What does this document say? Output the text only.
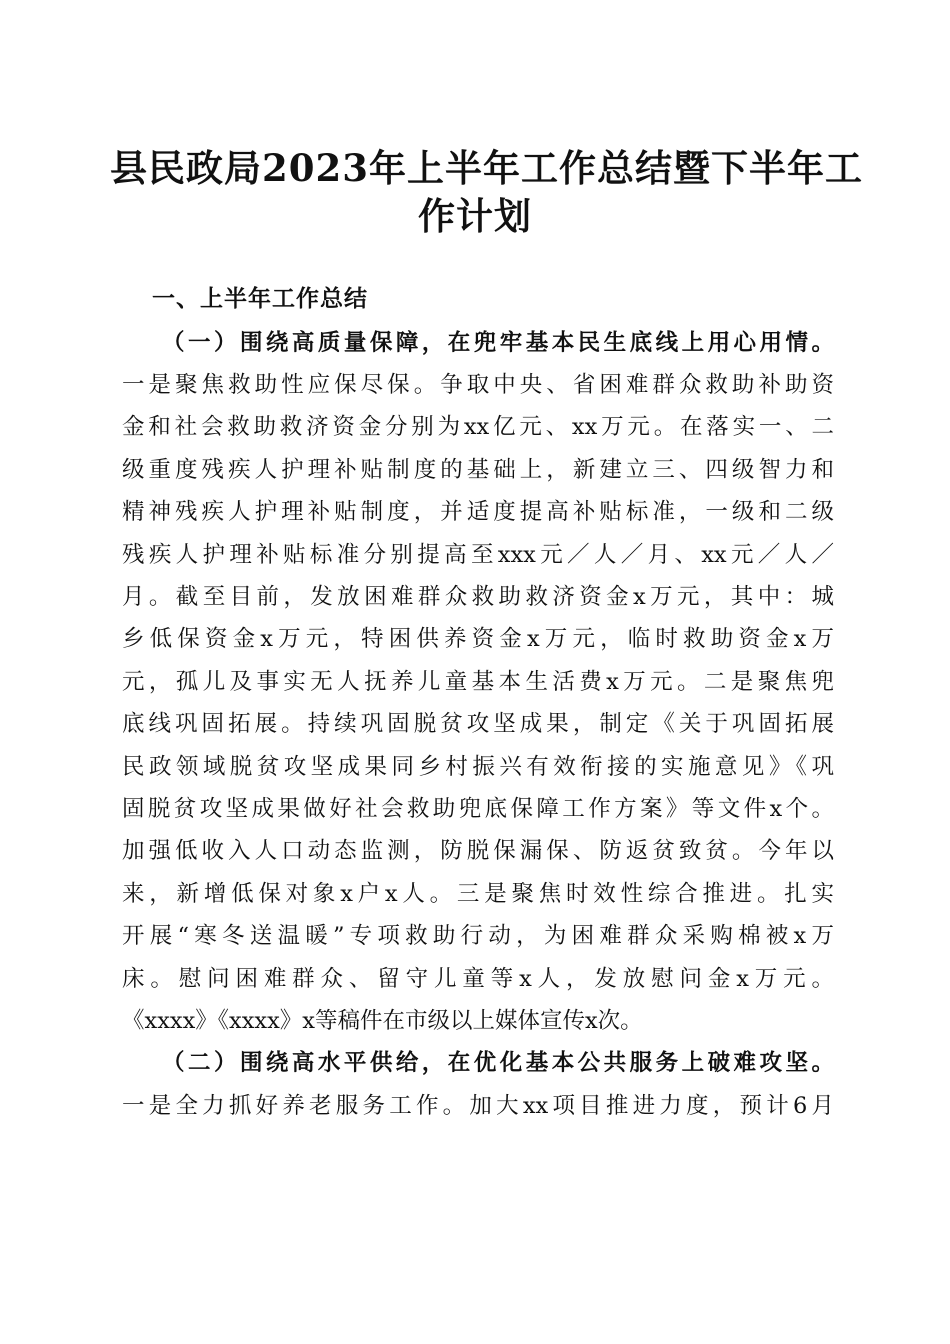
县民政局2023年上半年工作总结暨下半年工
作计划
一、上半年工作总结

（一）围绕高质量保障，在兜牢基本民生底线上用心用情。

一是聚焦救助性应保尽保。争取中央、省困难群众救助补助资

金和社会救助救济资金分别为xx亿元、xx万元。在落实一、二

级重度残疾人护理补贴制度的基础上，新建立三、四级智力和

精神残疾人护理补贴制度，并适度提高补贴标准，一级和二级

残疾人护理补贴标准分别提高至xxx元／人／月、xx元／人／

月。截至目前，发放困难群众救助救济资金x万元，其中：城

乡低保资金x万元，特困供养资金x万元，临时救助资金x万

元，孤儿及事实无人抚养儿童基本生活费x万元。二是聚焦兜

底线巩固拓展。持续巩固脱贫攻坚成果，制定《关于巩固拓展

民政领域脱贫攻坚成果同乡村振兴有效衔接的实施意见》《巩

固脱贫攻坚成果做好社会救助兜底保障工作方案》等文件x个。

加强低收入人口动态监测，防脱保漏保、防返贫致贫。今年以

来，新增低保对象x户x人。三是聚焦时效性综合推进。扎实

开展“寒冬送温暖”专项救助行动，为困难群众采购棉被x万

床。慰问困难群众、留守儿童等x人，发放慰问金x万元。

《xxxx》《xxxx》x等稿件在市级以上媒体宣传x次。

（二）围绕高水平供给，在优化基本公共服务上破难攻坚。

一是全力抓好养老服务工作。加大xx项目推进力度，预计6月
